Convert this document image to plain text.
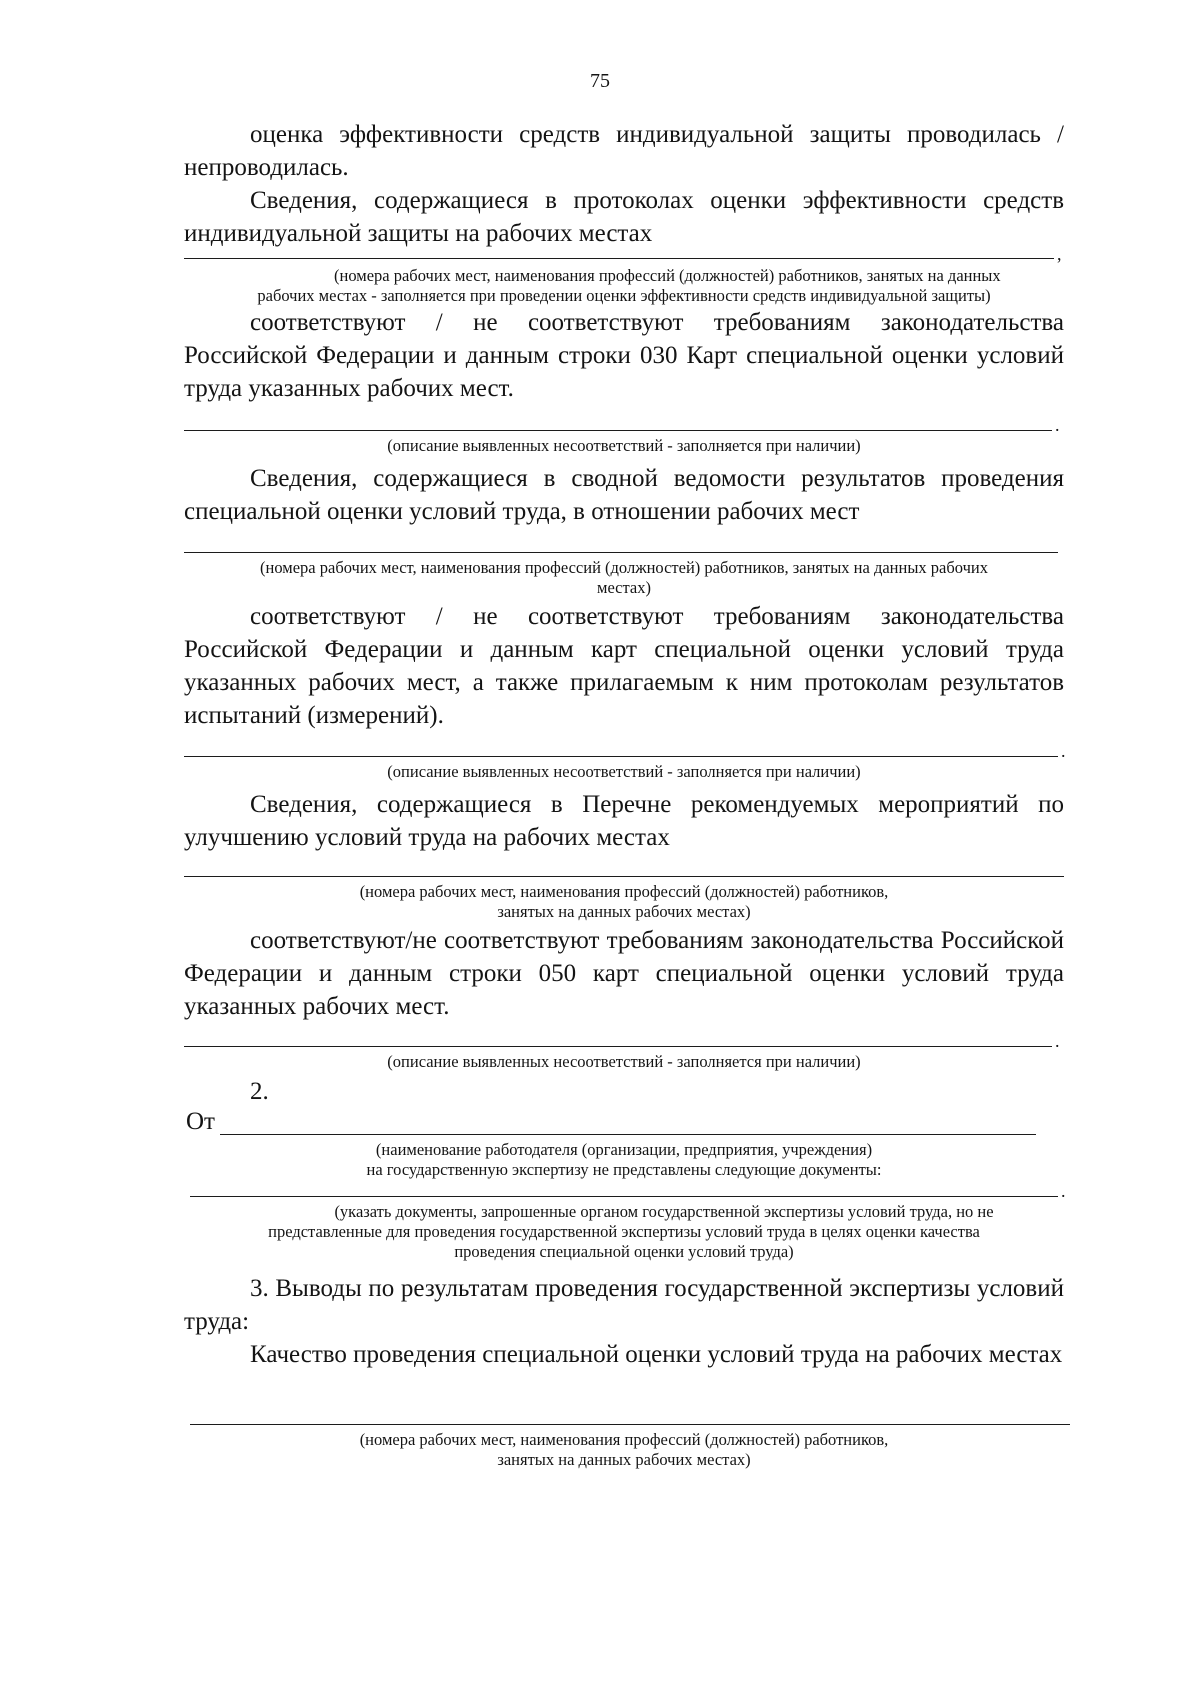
75

оценка эффективности средств индивидуальной защиты проводилась /непроводилась.

Сведения, содержащиеся в протоколах оценки эффективности средств индивидуальной защиты на рабочих местах

,
(номера рабочих мест, наименования профессий (должностей) работников, занятых на данных
рабочих местах - заполняется при проведении оценки эффективности средств индивидуальной защиты)

соответствуют / не соответствуют требованиям законодательства Российской Федерации и данным строки 030 Карт специальной оценки условий труда указанных рабочих мест.

.
(описание выявленных несоответствий - заполняется при наличии)

Сведения, содержащиеся в сводной ведомости результатов проведения специальной оценки условий труда, в отношении рабочих мест

(номера рабочих мест, наименования профессий (должностей) работников, занятых на данных рабочих
местах)

соответствуют / не соответствуют требованиям законодательства Российской Федерации и данным карт специальной оценки условий труда указанных рабочих мест, а также прилагаемым к ним протоколам результатов испытаний (измерений).

.
(описание выявленных несоответствий - заполняется при наличии)

Сведения, содержащиеся в Перечне рекомендуемых мероприятий по улучшению условий труда на рабочих местах

(номера рабочих мест, наименования профессий (должностей) работников,
занятых на данных рабочих местах)

соответствуют/не соответствуют требованиям законодательства Российской Федерации и данным строки 050 карт специальной оценки условий труда указанных рабочих мест.

.
(описание выявленных несоответствий - заполняется при наличии)
2.
От
(наименование работодателя (организации, предприятия, учреждения)
на государственную экспертизу не представлены следующие документы:
.
(указать документы, запрошенные органом государственной экспертизы условий труда, но не
представленные для проведения государственной экспертизы условий труда в целях оценки качества
проведения специальной оценки условий труда)

3. Выводы по результатам проведения государственной экспертизы условий труда:

Качество проведения специальной оценки условий труда на рабочих местах

(номера рабочих мест, наименования профессий (должностей) работников,
занятых на данных рабочих местах)
